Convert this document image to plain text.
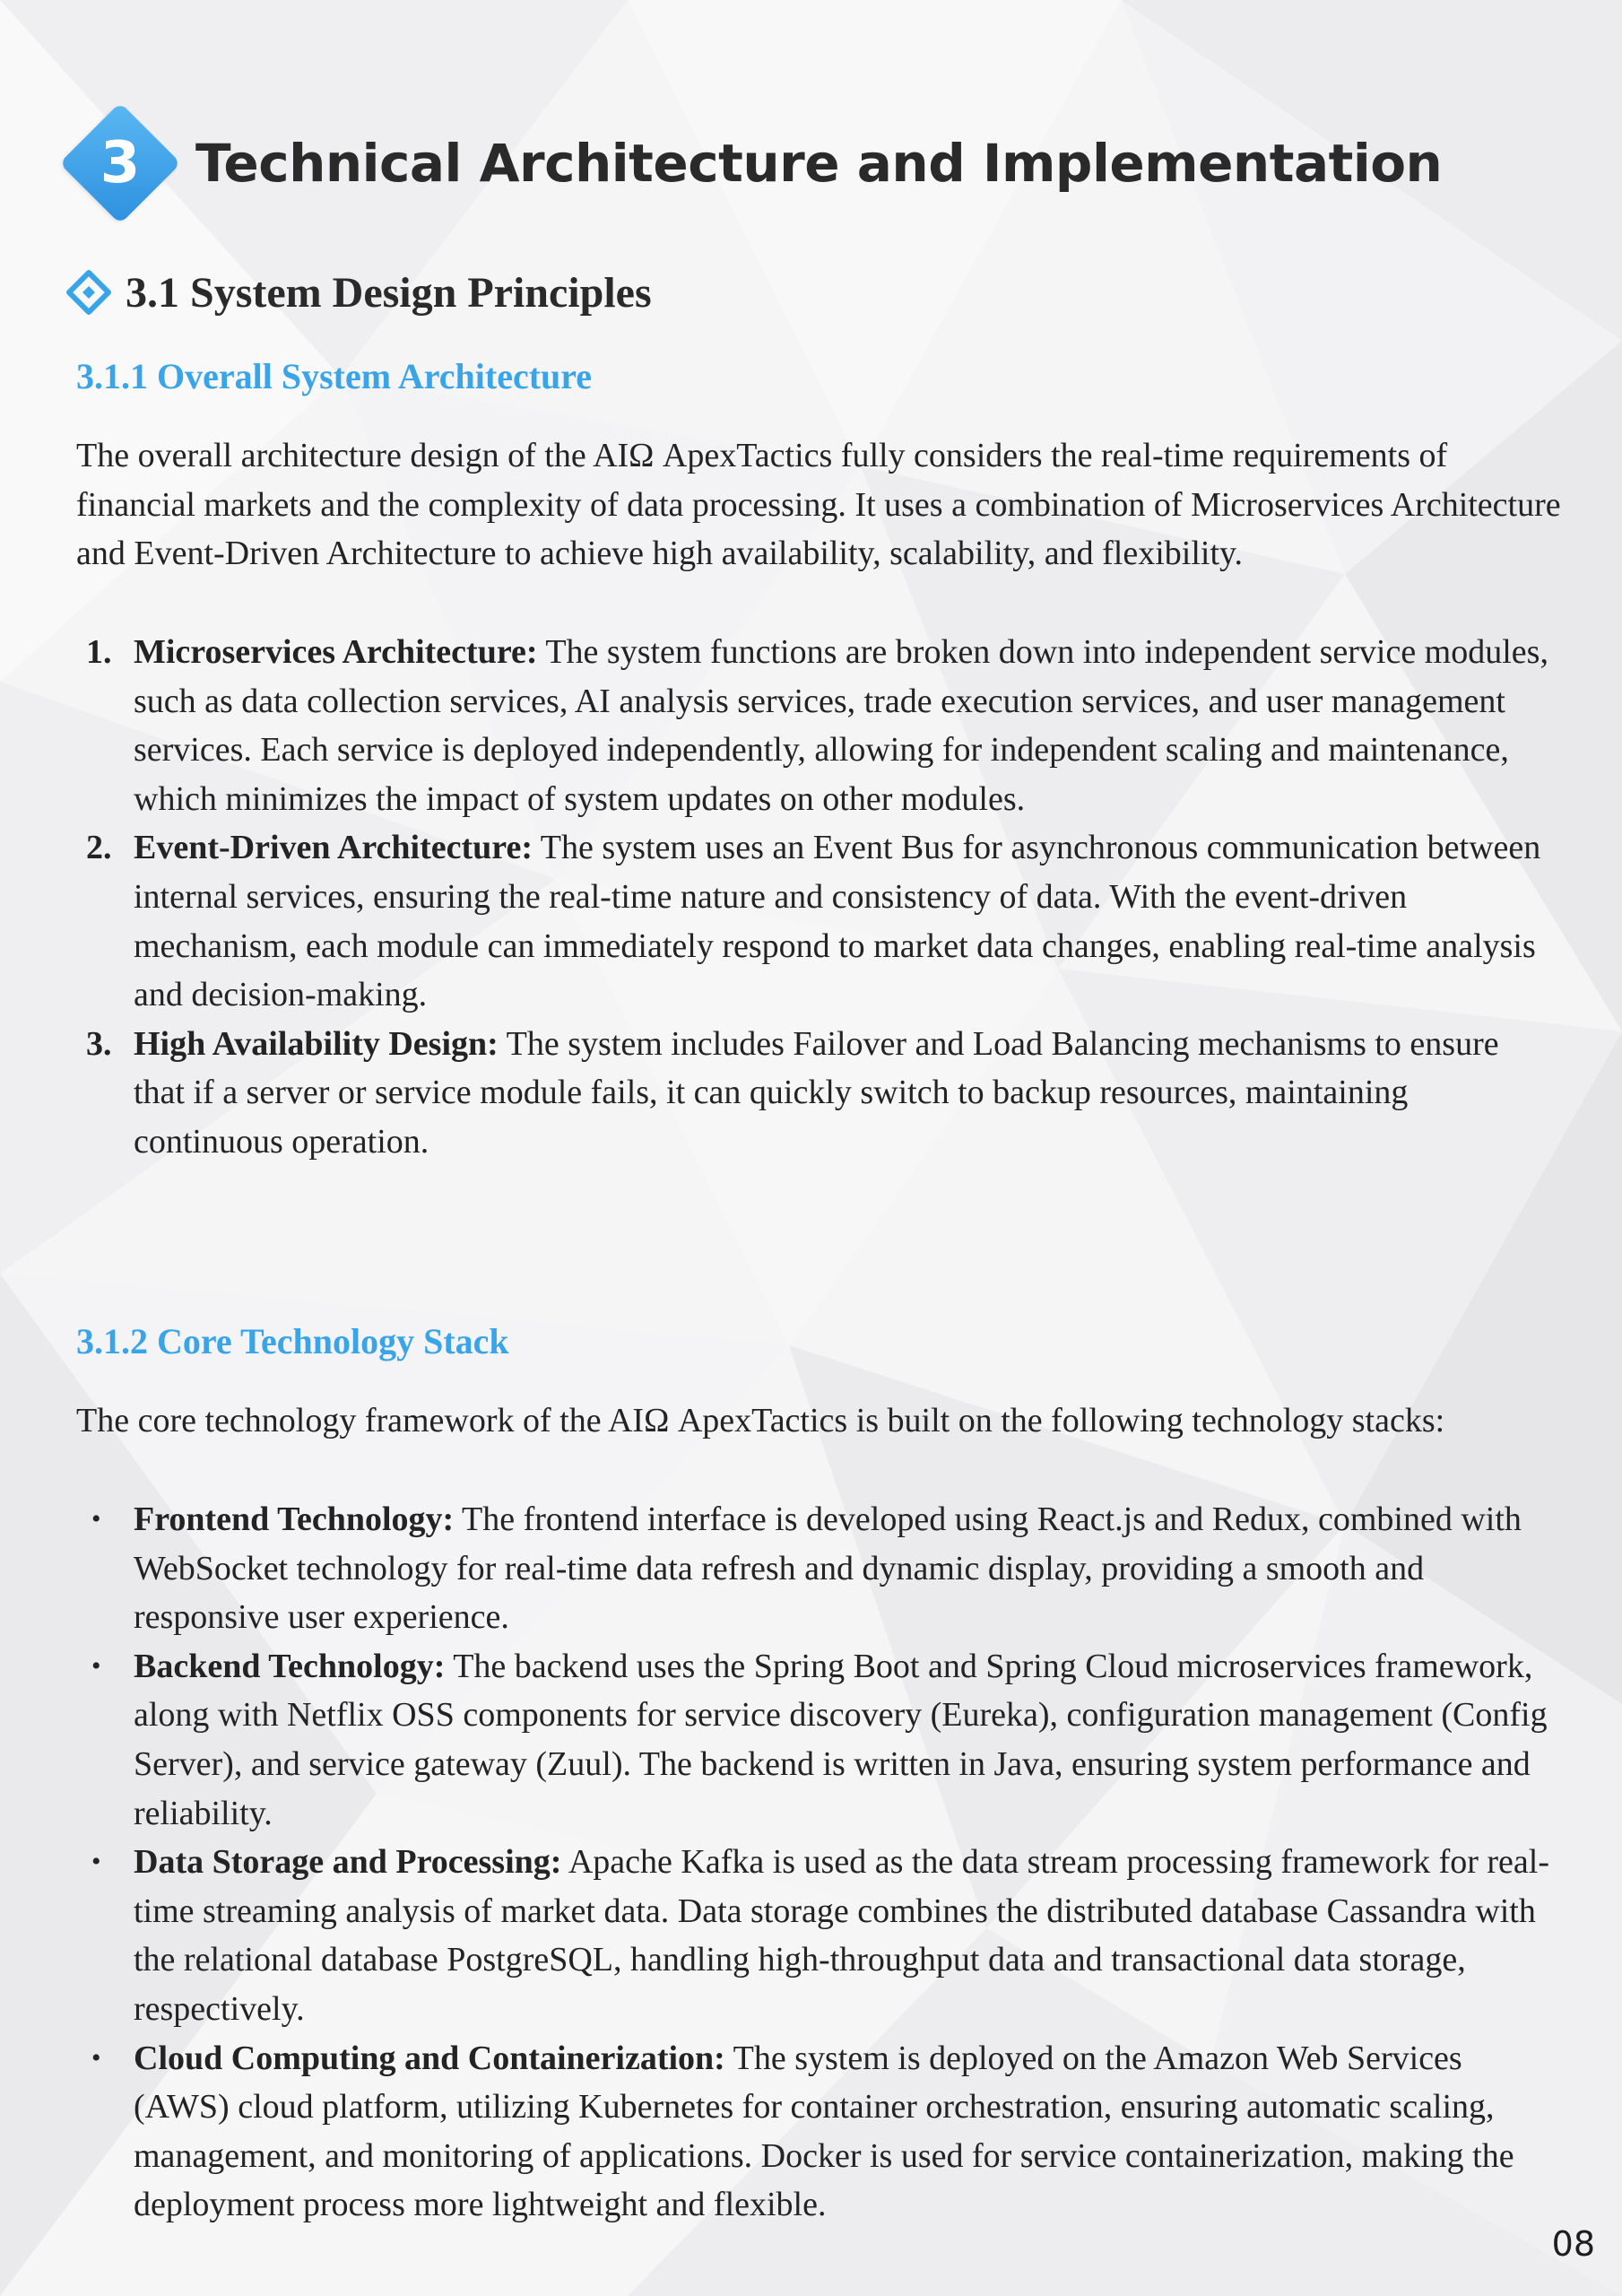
3	Technical Architecture and Implementation
3.1 System Design Principles
3.1.1 Overall System Architecture
The overall architecture design of the AIΩ ApexTactics fully considers the real-time requirements of financial markets and the complexity of data processing. It uses a combination of Microservices Architecture and Event-Driven Architecture to achieve high availability, scalability, and flexibility.
1. Microservices Architecture: The system functions are broken down into independent service modules, such as data collection services, AI analysis services, trade execution services, and user management services. Each service is deployed independently, allowing for independent scaling and maintenance, which minimizes the impact of system updates on other modules.
2. Event-Driven Architecture: The system uses an Event Bus for asynchronous communication between internal services, ensuring the real-time nature and consistency of data. With the event-driven mechanism, each module can immediately respond to market data changes, enabling real-time analysis and decision-making.
3. High Availability Design: The system includes Failover and Load Balancing mechanisms to ensure that if a server or service module fails, it can quickly switch to backup resources, maintaining continuous operation.
3.1.2 Core Technology Stack
The core technology framework of the AIΩ ApexTactics is built on the following technology stacks:
• Frontend Technology: The frontend interface is developed using React.js and Redux, combined with WebSocket technology for real-time data refresh and dynamic display, providing a smooth and responsive user experience.
• Backend Technology: The backend uses the Spring Boot and Spring Cloud microservices framework, along with Netflix OSS components for service discovery (Eureka), configuration management (Config Server), and service gateway (Zuul). The backend is written in Java, ensuring system performance and reliability.
• Data Storage and Processing: Apache Kafka is used as the data stream processing framework for real-time streaming analysis of market data. Data storage combines the distributed database Cassandra with the relational database PostgreSQL, handling high-throughput data and transactional data storage, respectively.
• Cloud Computing and Containerization: The system is deployed on the Amazon Web Services (AWS) cloud platform, utilizing Kubernetes for container orchestration, ensuring automatic scaling, management, and monitoring of applications. Docker is used for service containerization, making the deployment process more lightweight and flexible.
08
